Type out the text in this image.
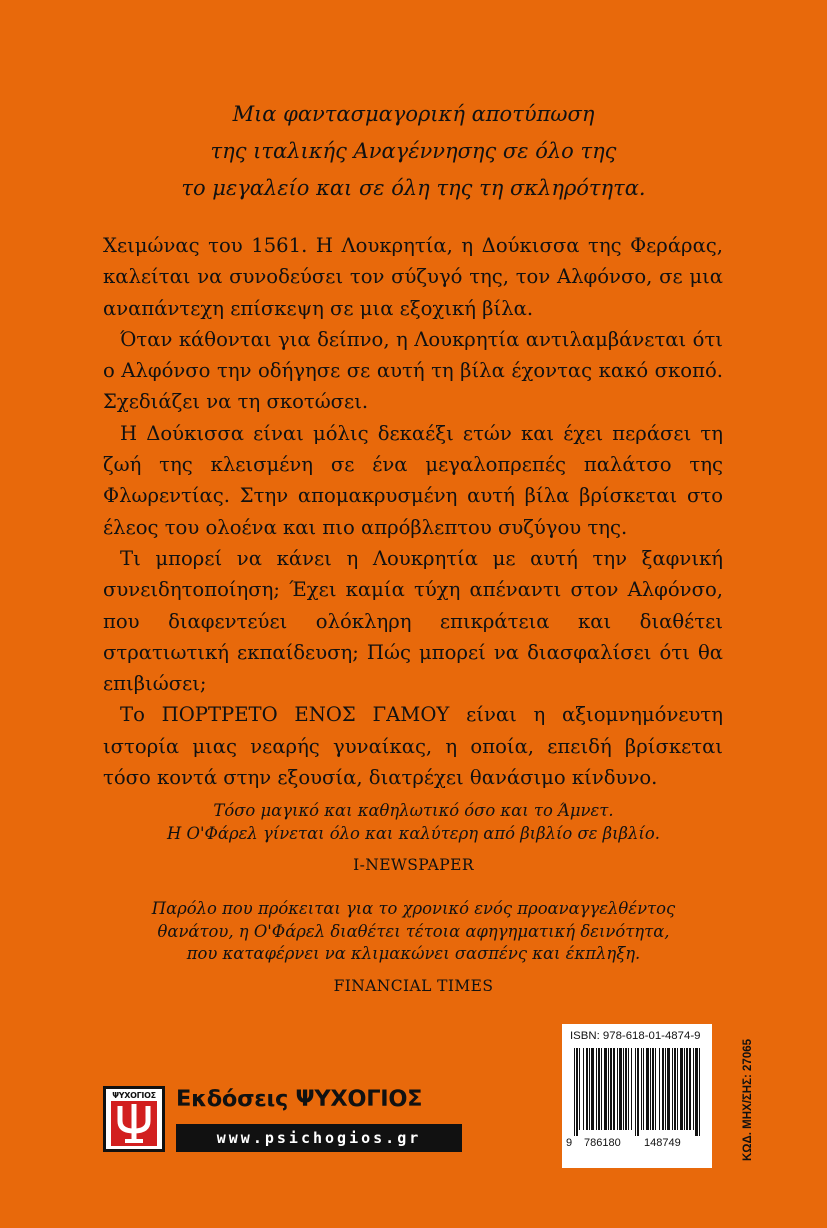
Μια φαντασμαγορική αποτύπωση
της ιταλικής Αναγέννησης σε όλο της
το μεγαλείο και σε όλη της τη σκληρότητα.

Χειμώνας του 1561. Η Λουκρητία, η Δούκισσα της Φεράρας, καλείται να συνοδεύσει τον σύζυγό της, τον Αλφόνσο, σε μια αναπάντεχη επίσκεψη σε μια εξοχική βίλα.

Όταν κάθονται για δείπνο, η Λουκρητία αντιλαμβάνεται ότι ο Αλφόνσο την οδήγησε σε αυτή τη βίλα έχοντας κακό σκοπό. Σχεδιάζει να τη σκοτώσει.

Η Δούκισσα είναι μόλις δεκαέξι ετών και έχει περάσει τη ζωή της κλεισμένη σε ένα μεγαλοπρεπές παλάτσο της Φλωρεντίας. Στην απομακρυσμένη αυτή βίλα βρίσκεται στο έλεος του ολοένα και πιο απρόβλεπτου συζύγου της.

Τι μπορεί να κάνει η Λουκρητία με αυτή την ξαφνική συνειδητοποίηση; Έχει καμία τύχη απέναντι στον Αλφόνσο, που διαφεντεύει ολόκληρη επικράτεια και διαθέτει στρατιωτική εκπαίδευση; Πώς μπορεί να διασφαλίσει ότι θα επιβιώσει;

Το ΠΟΡΤΡΕΤΟ ΕΝΟΣ ΓΑΜΟΥ είναι η αξιομνημόνευτη ιστορία μιας νεαρής γυναίκας, η οποία, επειδή βρίσκεται τόσο κοντά στην εξουσία, διατρέχει θανάσιμο κίνδυνο.

Τόσο μαγικό και καθηλωτικό όσο και το Άμνετ.
Η Ο'Φάρελ γίνεται όλο και καλύτερη από βιβλίο σε βιβλίο.
I-NEWSPAPER
Παρόλο που πρόκειται για το χρονικό ενός προαναγγελθέντος
θανάτου, η Ο'Φάρελ διαθέτει τέτοια αφηγηματική δεινότητα,
που καταφέρνει να κλιμακώνει σασπένς και έκπληξη.
FINANCIAL TIMES
ΨΥΧΟΓΙΟΣ Εκδόσεις ΨΥΧΟΓΙΟΣ
www.psichogios.gr
ISBN: 978-618-01-4874-9
9 786180 148749	ΚΩΔ. ΜΗΧ/ΣΗΣ: 27065
